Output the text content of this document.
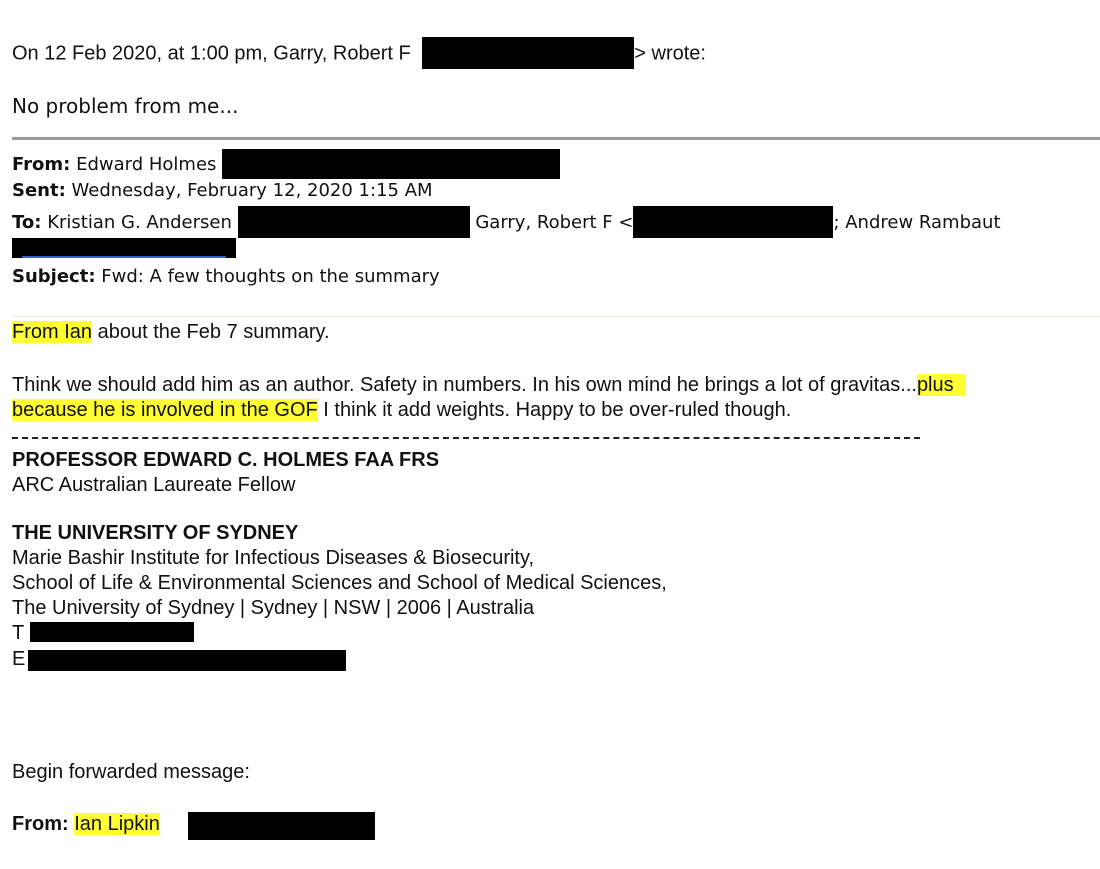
On 12 Feb 2020, at 1:00 pm, Garry, Robert F	> wrote:
No problem from me...
From: Edward Holmes
Sent: Wednesday, February 12, 2020 1:15 AM
To: Kristian G. Andersen	Garry, Robert F <	; Andrew Rambaut
Subject: Fwd: A few thoughts on the summary
From Ian about the Feb 7 summary.
Think we should add him as an author. Safety in numbers. In his own mind he brings a lot of gravitas...plus
because he is involved in the GOF I think it add weights. Happy to be over-ruled though.
PROFESSOR EDWARD C. HOLMES FAA FRS
ARC Australian Laureate Fellow
THE UNIVERSITY OF SYDNEY
Marie Bashir Institute for Infectious Diseases & Biosecurity,
School of Life & Environmental Sciences and School of Medical Sciences,
The University of Sydney | Sydney | NSW | 2006 | Australia
T
E
Begin forwarded message:
From: Ian Lipkin
